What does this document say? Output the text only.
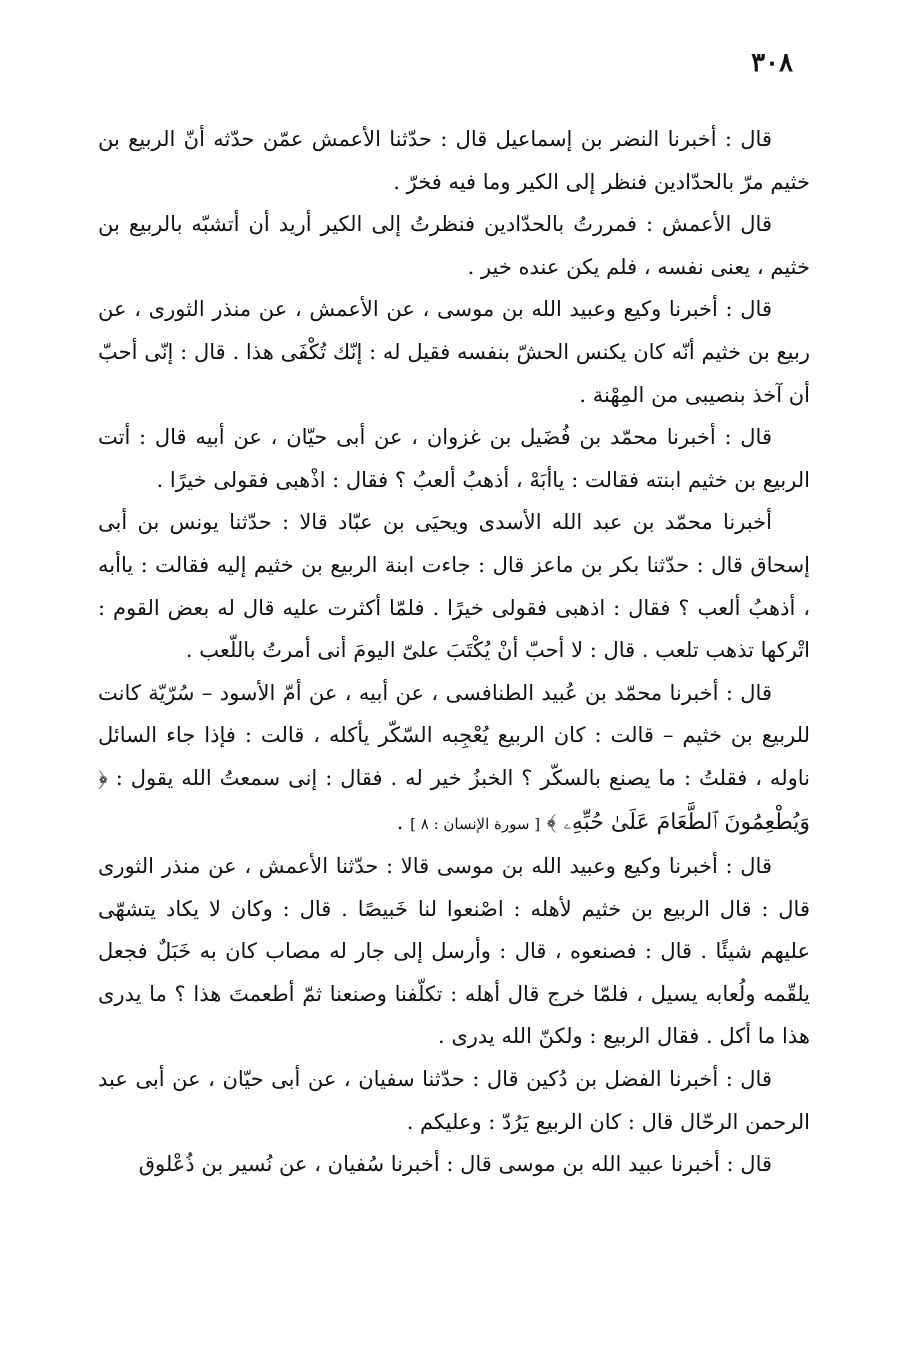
٣٠٨

قال : أخبرنا النضر بن إسماعيل قال : حدّثنا الأعمش عمّن حدّثه أنّ الربيع بن خثيم مرّ بالحدّادين فنظر إلى الكير وما فيه فخرّ .

قال الأعمش : فمررتُ بالحدّادين فنظرتُ إلى الكير أريد أن أتشبّه بالربيع بن خثيم ، يعنى نفسه ، فلم يكن عنده خير .

قال : أخبرنا وكيع وعبيد الله بن موسى ، عن الأعمش ، عن منذر الثورى ، عن ربيع بن خثيم أنّه كان يكنس الحشّ بنفسه فقيل له : إنّك تُكْفَى هذا . قال : إنّى أحبّ أن آخذ بنصيبى من المِهْنة .

قال : أخبرنا محمّد بن فُضَيل بن غزوان ، عن أبى حيّان ، عن أبيه قال : أتت الربيع بن خثيم ابنته فقالت : ياأبَهْ ، أذهبُ ألعبُ ؟ فقال : اذْهبى فقولى خيرًا .

أخبرنا محمّد بن عبد الله الأسدى ويحيَى بن عبّاد قالا : حدّثنا يونس بن أبى إسحاق قال : حدّثنا بكر بن ماعز قال : جاءت ابنة الربيع بن خثيم إليه فقالت : ياأبه ، أذهبُ ألعب ؟ فقال : اذهبى فقولى خيرًا . فلمّا أكثرت عليه قال له بعض القوم : اتْركها تذهب تلعب . قال : لا أحبّ أنْ يُكْتَبَ علىّ اليومَ أنى أمرتُ باللّعب .

قال : أخبرنا محمّد بن عُبيد الطنافسى ، عن أبيه ، عن أمّ الأسود – سُرّيّة كانت للربيع بن خثيم – قالت : كان الربيع يُعْجِبه السّكّر يأكله ، قالت : فإذا جاء السائل ناوله ، فقلتُ : ما يصنع بالسكّر ؟ الخبزُ خير له . فقال : إنى سمعتُ الله يقول : ﴿ وَيُطْعِمُونَ ٱلطَّعَامَ عَلَىٰ حُبِّهِۦ ﴾ [ سورة الإنسان : ٨ ] .

قال : أخبرنا وكيع وعبيد الله بن موسى قالا : حدّثنا الأعمش ، عن منذر الثورى قال : قال الربيع بن خثيم لأهله : اصْنعوا لنا خَبيصًا . قال : وكان لا يكاد يتشهّى عليهم شيئًا . قال : فصنعوه ، قال : وأرسل إلى جار له مصاب كان به خَبَلٌ فجعل يلقّمه ولُعابه يسيل ، فلمّا خرج قال أهله : تكلّفنا وصنعنا ثمّ أطعمتَ هذا ؟ ما يدرى هذا ما أكل . فقال الربيع : ولكنّ الله يدرى .

قال : أخبرنا الفضل بن دُكين قال : حدّثنا سفيان ، عن أبى حيّان ، عن أبى عبد الرحمن الرحّال قال : كان الربيع يَرُدّ : وعليكم .

قال : أخبرنا عبيد الله بن موسى قال : أخبرنا سُفيان ، عن نُسير بن ذُعْلوق
